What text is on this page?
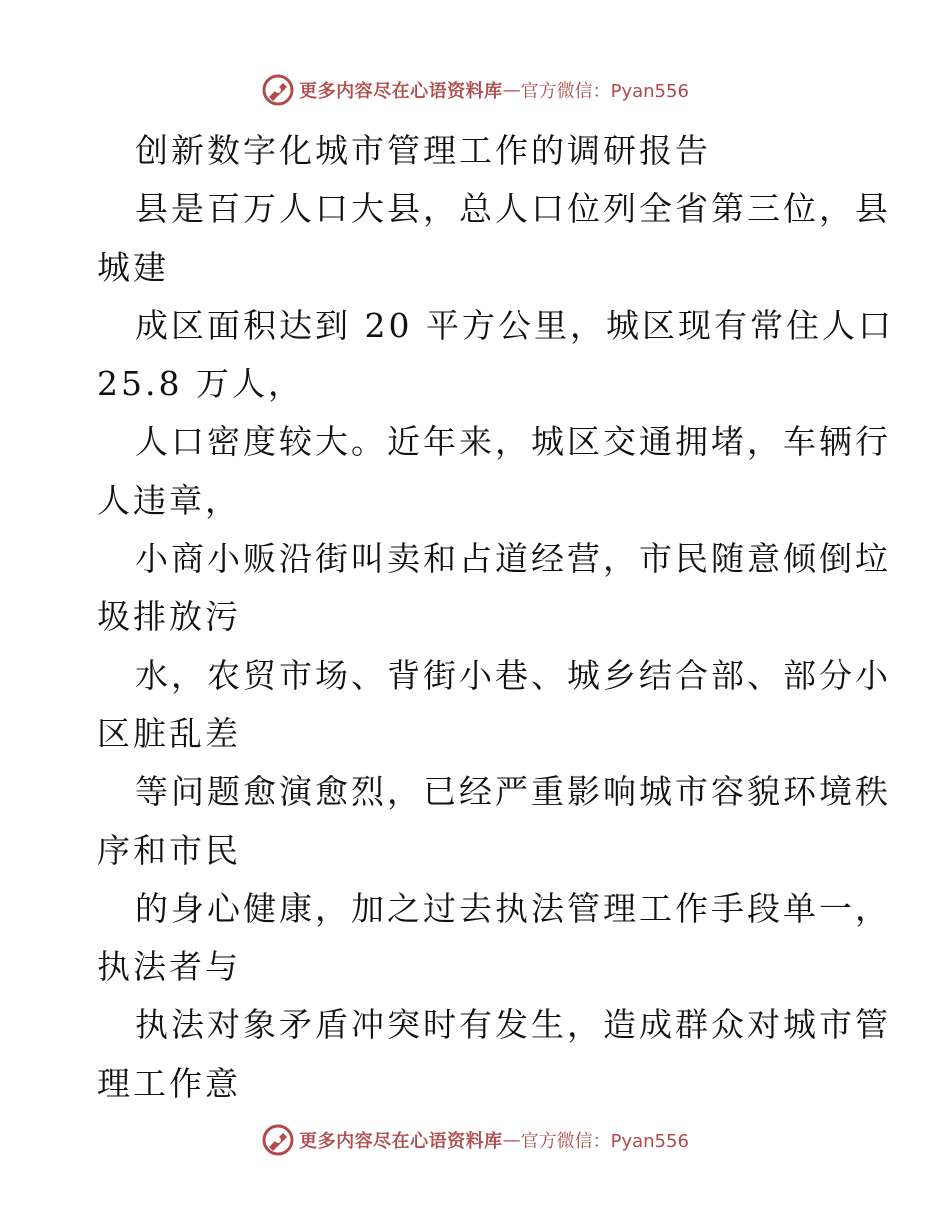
更多内容尽在心语资料库 — 官方微信：Pyan556
创新数字化城市管理工作的调研报告
县是百万人口大县，总人口位列全省第三位，县
城建
成区面积达到 20 平方公里，城区现有常住人口
25.8 万人，
人口密度较大。近年来，城区交通拥堵，车辆行
人违章，
小商小贩沿街叫卖和占道经营，市民随意倾倒垃
圾排放污
水，农贸市场、背街小巷、城乡结合部、部分小
区脏乱差
等问题愈演愈烈，已经严重影响城市容貌环境秩
序和市民
的身心健康，加之过去执法管理工作手段单一，
执法者与
执法对象矛盾冲突时有发生，造成群众对城市管
理工作意
更多内容尽在心语资料库 — 官方微信：Pyan556
